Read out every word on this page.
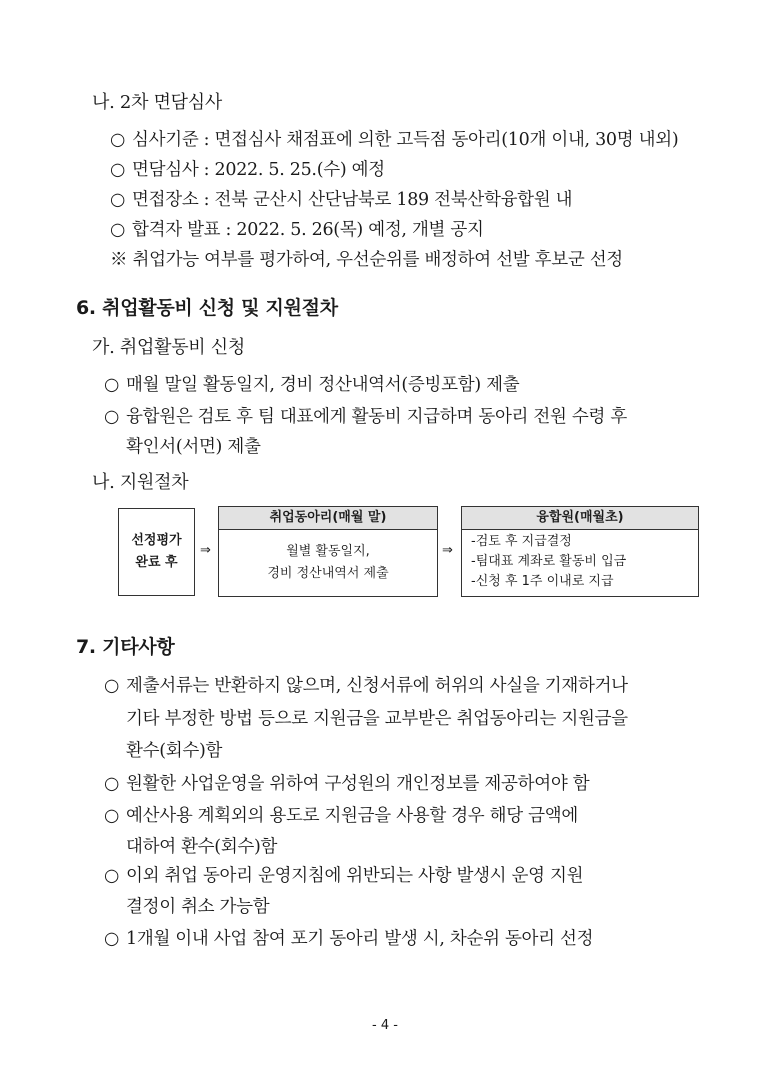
나. 2차 면담심사
○ 심사기준 : 면접심사 채점표에 의한 고득점 동아리(10개 이내, 30명 내외)
○ 면담심사 : 2022. 5. 25.(수) 예정
○ 면접장소 : 전북 군산시 산단남북로 189 전북산학융합원 내
○ 합격자 발표 : 2022. 5. 26(목) 예정, 개별 공지
※ 취업가능 여부를 평가하여, 우선순위를 배정하여 선발 후보군 선정
6. 취업활동비 신청 및 지원절차
가. 취업활동비 신청
○ 매월 말일 활동일지, 경비 정산내역서(증빙포함) 제출
○ 융합원은 검토 후 팀 대표에게 활동비 지급하며 동아리 전원 수령 후
확인서(서면) 제출
나. 지원절차
선정평가
완료 후
⇒
취업동아리(매월 말)
월별 활동일지,
경비 정산내역서 제출
⇒
융합원(매월초)
-검토 후 지급결정
-팀대표 계좌로 활동비 입금
-신청 후 1주 이내로 지급
7. 기타사항
○ 제출서류는 반환하지 않으며, 신청서류에 허위의 사실을 기재하거나
기타 부정한 방법 등으로 지원금을 교부받은 취업동아리는 지원금을
환수(회수)함
○ 원활한 사업운영을 위하여 구성원의 개인정보를 제공하여야 함
○ 예산사용 계획외의 용도로 지원금을 사용할 경우 해당 금액에
대하여 환수(회수)함
○ 이외 취업 동아리 운영지침에 위반되는 사항 발생시 운영 지원
결정이 취소 가능함
○ 1개월 이내 사업 참여 포기 동아리 발생 시, 차순위 동아리 선정
- 4 -
